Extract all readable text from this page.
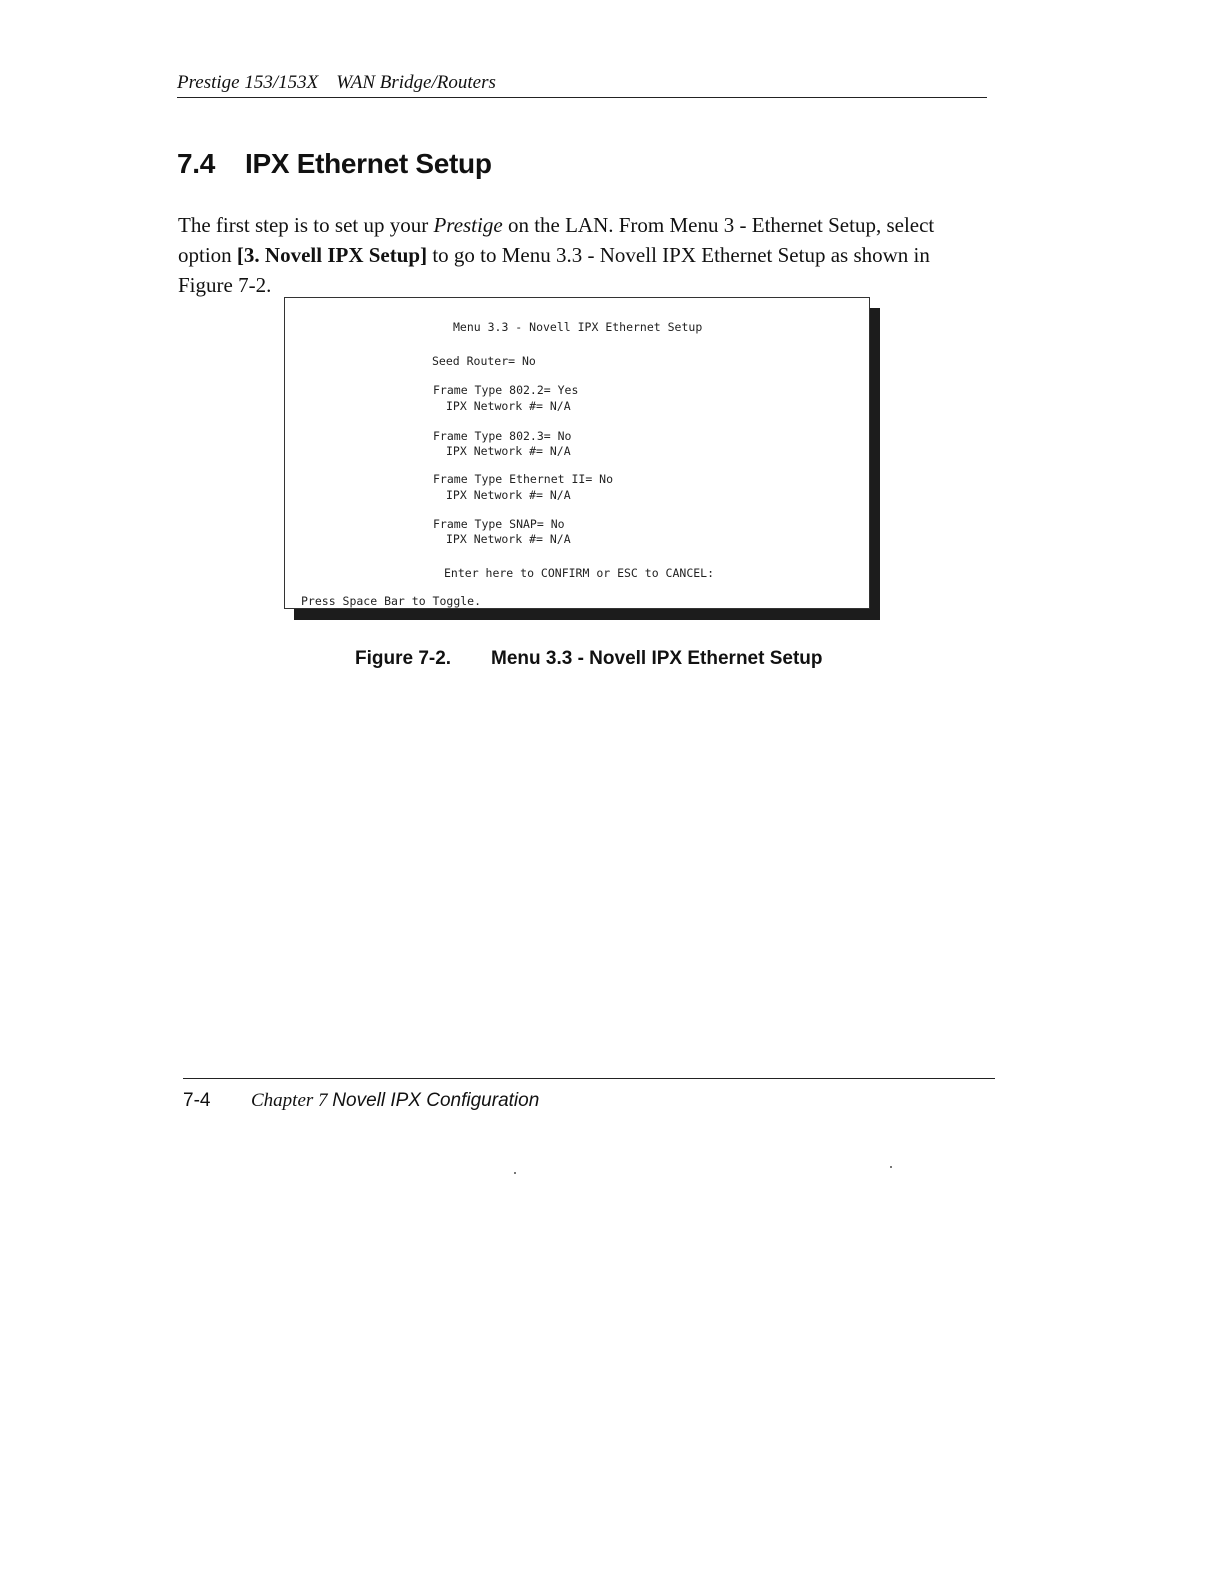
Prestige 153/153X WAN Bridge/Routers
7.4 IPX Ethernet Setup

The first step is to set up your Prestige on the LAN. From Menu 3 - Ethernet Setup, select option [3. Novell IPX Setup] to go to Menu 3.3 - Novell IPX Ethernet Setup as shown in Figure 7-2.

Menu 3.3 - Novell IPX Ethernet Setup
Seed Router= No
Frame Type 802.2= Yes
IPX Network #= N/A
Frame Type 802.3= No
IPX Network #= N/A
Frame Type Ethernet II= No
IPX Network #= N/A
Frame Type SNAP= No
IPX Network #= N/A
Enter here to CONFIRM or ESC to CANCEL:
Press Space Bar to Toggle.

Figure 7-2. Menu 3.3 - Novell IPX Ethernet Setup

7-4 Chapter 7 Novell IPX Configuration
